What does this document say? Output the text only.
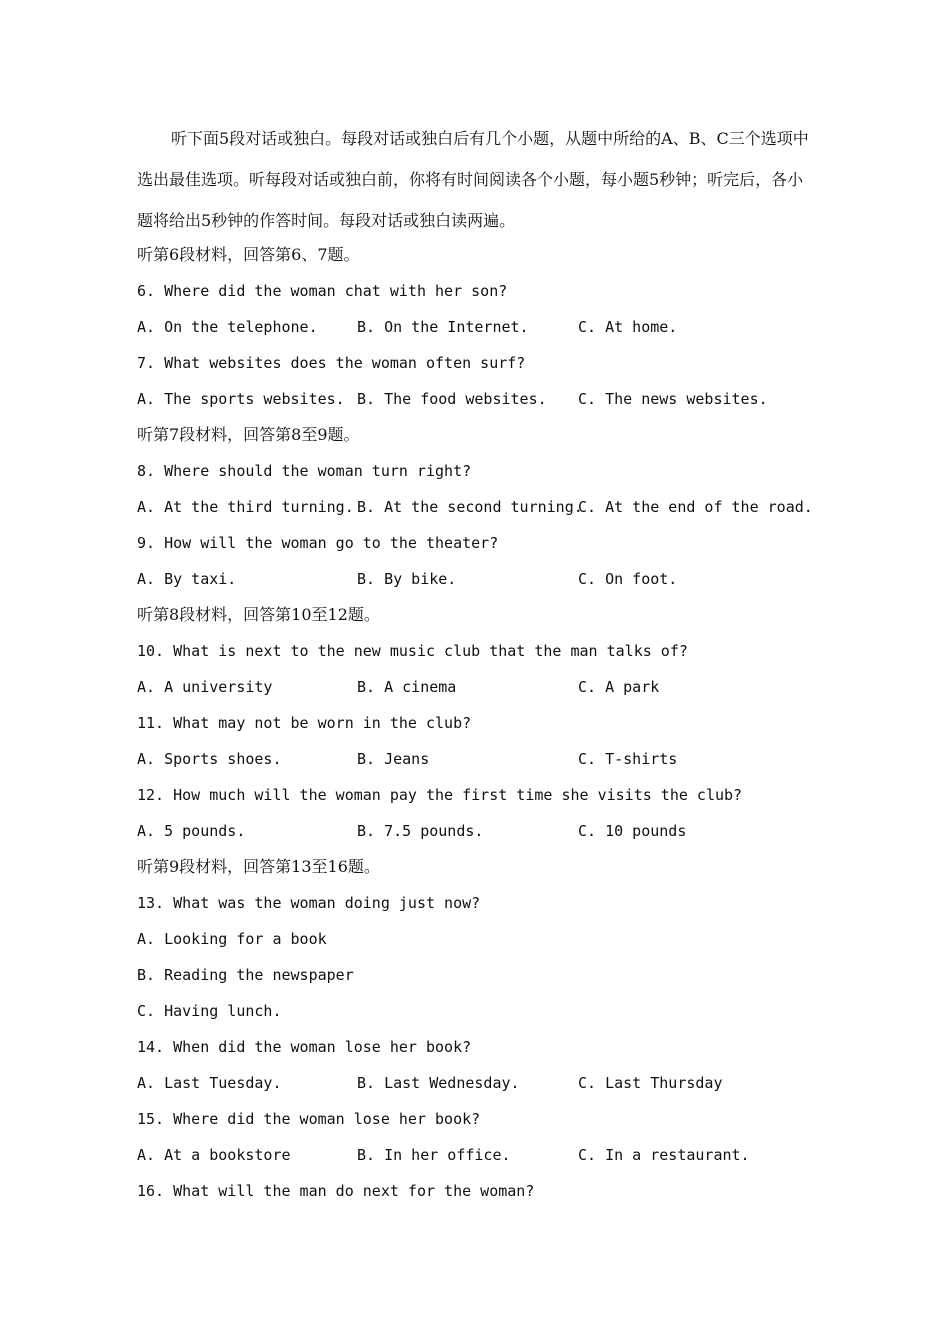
听下面5段对话或独白。每段对话或独白后有几个小题，从题中所给的A、B、C三个选项中选出最佳选项。听每段对话或独白前，你将有时间阅读各个小题，每小题5秒钟；听完后，各小题将给出5秒钟的作答时间。每段对话或独白读两遍。
听第6段材料，回答第6、7题。
6. Where did the woman chat with her son?
A. On the telephone.	B. On the Internet.	C. At home.
7. What websites does the woman often surf?
A. The sports websites. B. The food websites. C. The news websites.
听第7段材料，回答第8至9题。
8. Where should the woman turn right?
A. At the third turning. B. At the second turning.
C. At the end of the road.
9. How will the woman go to the theater?
A. By taxi.	B. By bike.	C. On foot.
听第8段材料，回答第10至12题。
10. What is next to the new music club that the man talks of?
A. A university	B. A cinema	C. A park
11. What may not be worn in the club?
A. Sports shoes.	B. Jeans	C. T-shirts
12. How much will the woman pay the first time she visits the club?
A. 5 pounds.	B. 7.5 pounds.	C. 10 pounds
听第9段材料，回答第13至16题。
13. What was the woman doing just now?
A. Looking for a book
B. Reading the newspaper
C. Having lunch.
14. When did the woman lose her book?
A. Last Tuesday.	B. Last Wednesday.	C. Last Thursday
15. Where did the woman lose her book?
A. At a bookstore	B. In her office.	C. In a restaurant.
16. What will the man do next for the woman?
